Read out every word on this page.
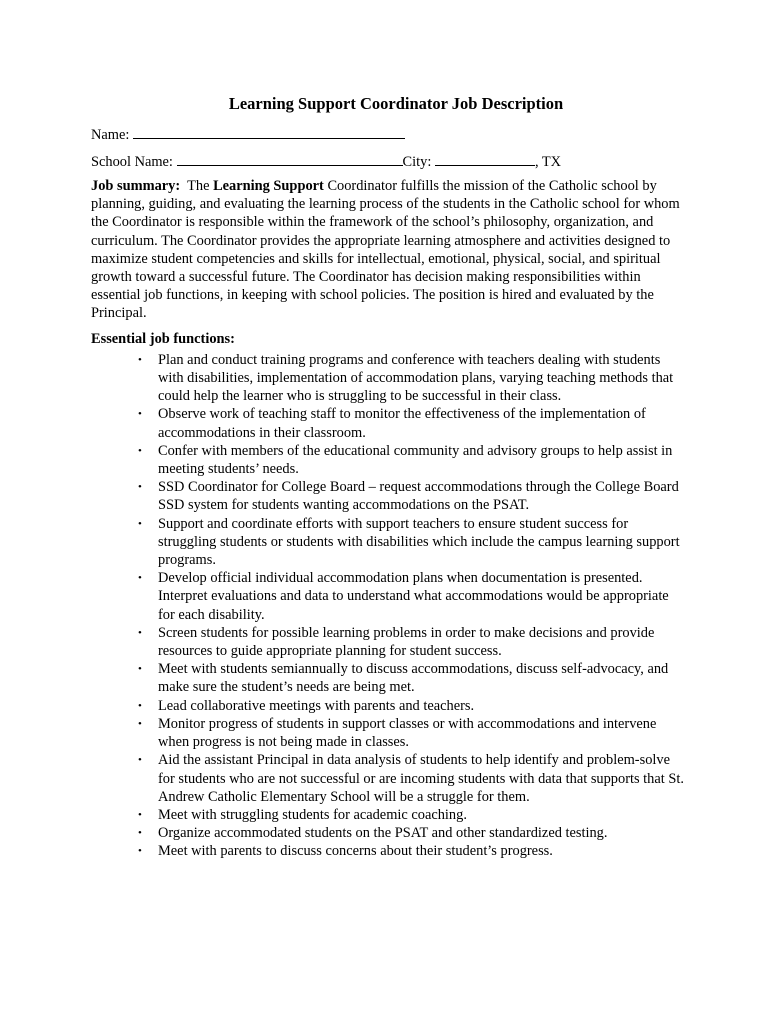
Learning Support Coordinator Job Description
Name:
School Name:	City:	, TX

Job summary: The Learning Support Coordinator fulfills the mission of the Catholic school by planning, guiding, and evaluating the learning process of the students in the Catholic school for whom the Coordinator is responsible within the framework of the school’s philosophy, organization, and curriculum. The Coordinator provides the appropriate learning atmosphere and activities designed to maximize student competencies and skills for intellectual, emotional, physical, social, and spiritual growth toward a successful future. The Coordinator has decision making responsibilities within essential job functions, in keeping with school policies. The position is hired and evaluated by the Principal.

Essential job functions:
• Plan and conduct training programs and conference with teachers dealing with students with disabilities, implementation of accommodation plans, varying teaching methods that could help the learner who is struggling to be successful in their class.
• Observe work of teaching staff to monitor the effectiveness of the implementation of accommodations in their classroom.
• Confer with members of the educational community and advisory groups to help assist in meeting students’ needs.
• SSD Coordinator for College Board – request accommodations through the College Board SSD system for students wanting accommodations on the PSAT.
• Support and coordinate efforts with support teachers to ensure student success for struggling students or students with disabilities which include the campus learning support programs.
• Develop official individual accommodation plans when documentation is presented. Interpret evaluations and data to understand what accommodations would be appropriate for each disability.
• Screen students for possible learning problems in order to make decisions and provide resources to guide appropriate planning for student success.
• Meet with students semiannually to discuss accommodations, discuss self-advocacy, and make sure the student’s needs are being met.
• Lead collaborative meetings with parents and teachers.
• Monitor progress of students in support classes or with accommodations and intervene when progress is not being made in classes.
• Aid the assistant Principal in data analysis of students to help identify and problem-solve for students who are not successful or are incoming students with data that supports that St. Andrew Catholic Elementary School will be a struggle for them.
• Meet with struggling students for academic coaching.
• Organize accommodated students on the PSAT and other standardized testing.
• Meet with parents to discuss concerns about their student’s progress.
